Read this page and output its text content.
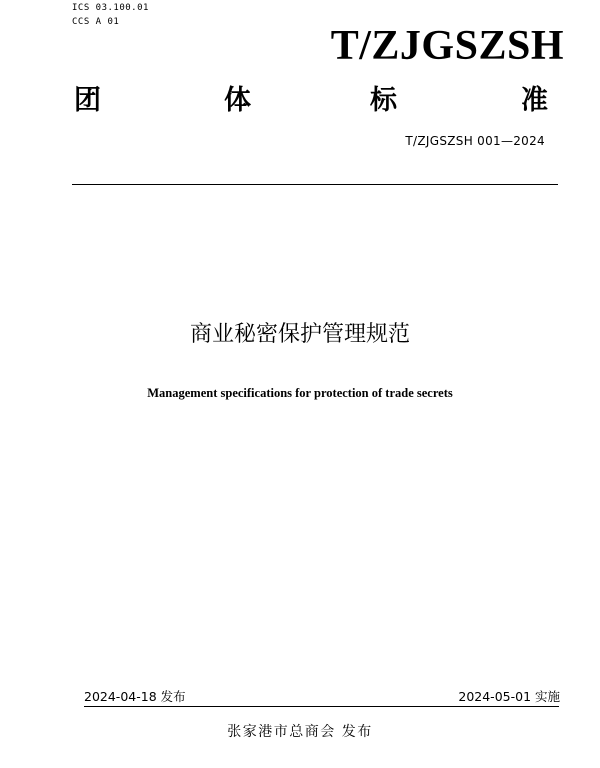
ICS 03.100.01
CCS A 01
T/ZJGSZSH
团	体	标	准
T/ZJGSZSH 001—2024
商业秘密保护管理规范
Management specifications for protection of trade secrets
2024-04-18 发布	2024-05-01 实施
张家港市总商会 发布
